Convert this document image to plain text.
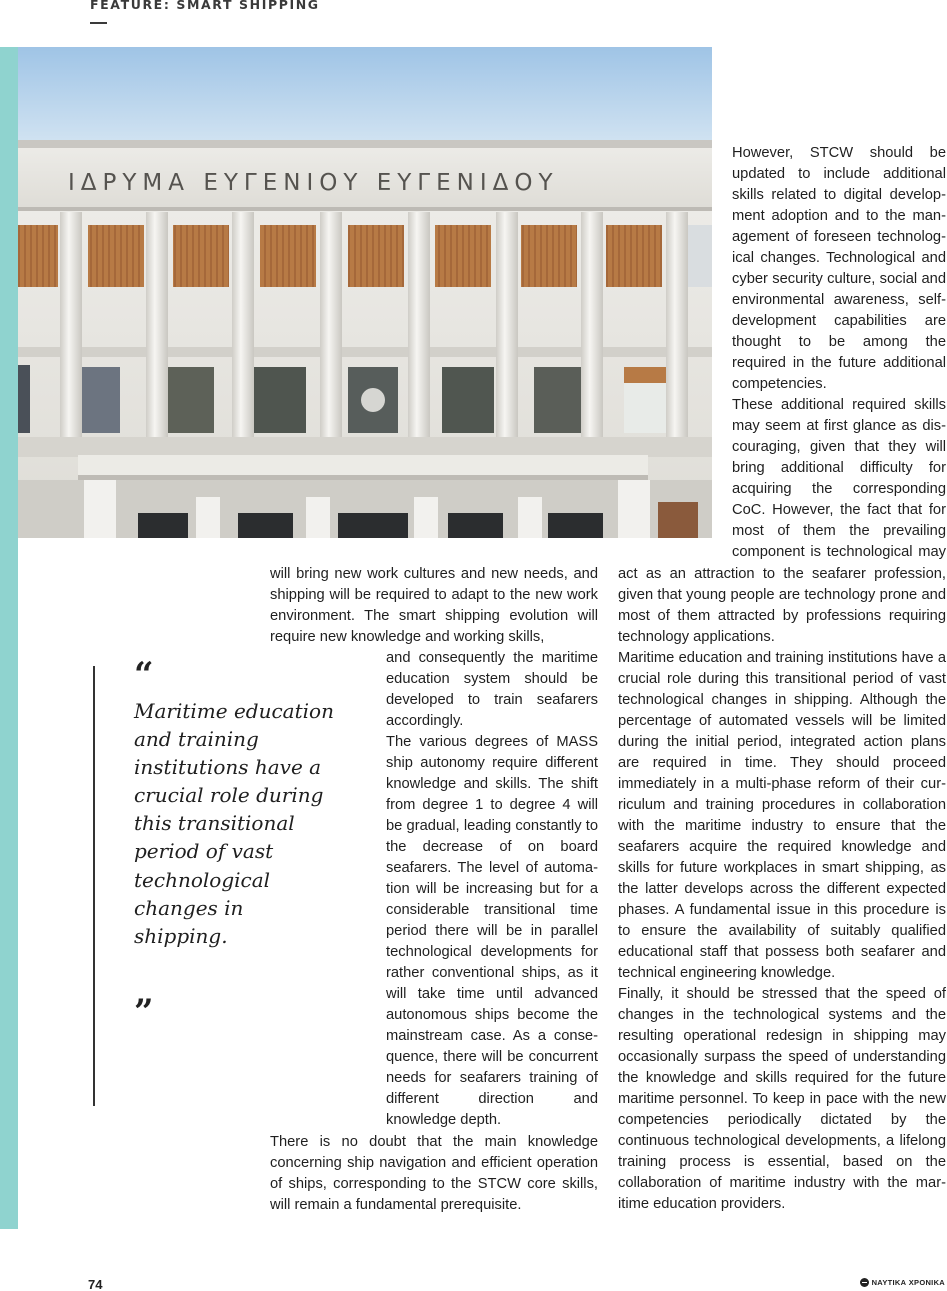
FEATURE: SMART SHIPPING
ΙΔΡΥΜΑ ΕΥΓΕΝΙΟΥ ΕΥΓΕΝΙΔΟΥ

However, STCW should be updated to include additional skills related to digital development adoption and to the management of foreseen technological changes. Technological and cyber security culture, social and environmental awareness, self-development capabilities are thought to be among the required in the future additional competencies.

These additional required skills may seem at first glance as discouraging, given that they will bring additional difficulty for acquiring the corresponding CoC. However, the fact that for most of them the prevailing component is technological may

act as an attraction to the seafarer profession, given that young people are technology prone and most of them attracted by professions requiring technology applications.

Maritime education and training institutions have a crucial role during this transitional period of vast technological changes in shipping. Although the percentage of automated vessels will be limited during the initial period, integrated action plans are required in time. They should proceed immediately in a multi-phase reform of their curriculum and training procedures in collaboration with the maritime industry to ensure that the seafarers acquire the required knowledge and skills for future workplaces in smart shipping, as the latter develops across the different expected phases. A fundamental issue in this procedure is to ensure the availability of suitably qualified educational staff that possess both seafarer and technical engineering knowledge.

Finally, it should be stressed that the speed of changes in the technological systems and the resulting operational redesign in shipping may occasionally surpass the speed of understanding the knowledge and skills required for the future maritime personnel. To keep in pace with the new competencies periodically dictated by the continuous technological developments, a lifelong training process is essential, based on the collaboration of maritime industry with the maritime education providers.

will bring new work cultures and new needs, and shipping will be required to adapt to the new work environment. The smart shipping evolution will require new knowledge and working skills,

and consequently the maritime education system should be developed to train seafarers accordingly.

The various degrees of MASS ship autonomy require different knowledge and skills. The shift from degree 1 to degree 4 will be gradual, leading constantly to the decrease of on board seafarers. The level of automation will be increasing but for a considerable transitional time period there will be in parallel technological developments for rather conventional ships, as it will take time until advanced autonomous ships become the mainstream case. As a consequence, there will be concurrent needs for seafarers training of different direction and knowledge depth.

There is no doubt that the main knowledge concerning ship navigation and efficient operation of ships, corresponding to the STCW core skills, will remain a fundamental prerequisite.

“
Maritime education and training institutions have a crucial role during this transitional period of vast technological changes in shipping.
”
74	ΝΑΥΤΙΚΑ ΧΡΟΝΙΚΑ
